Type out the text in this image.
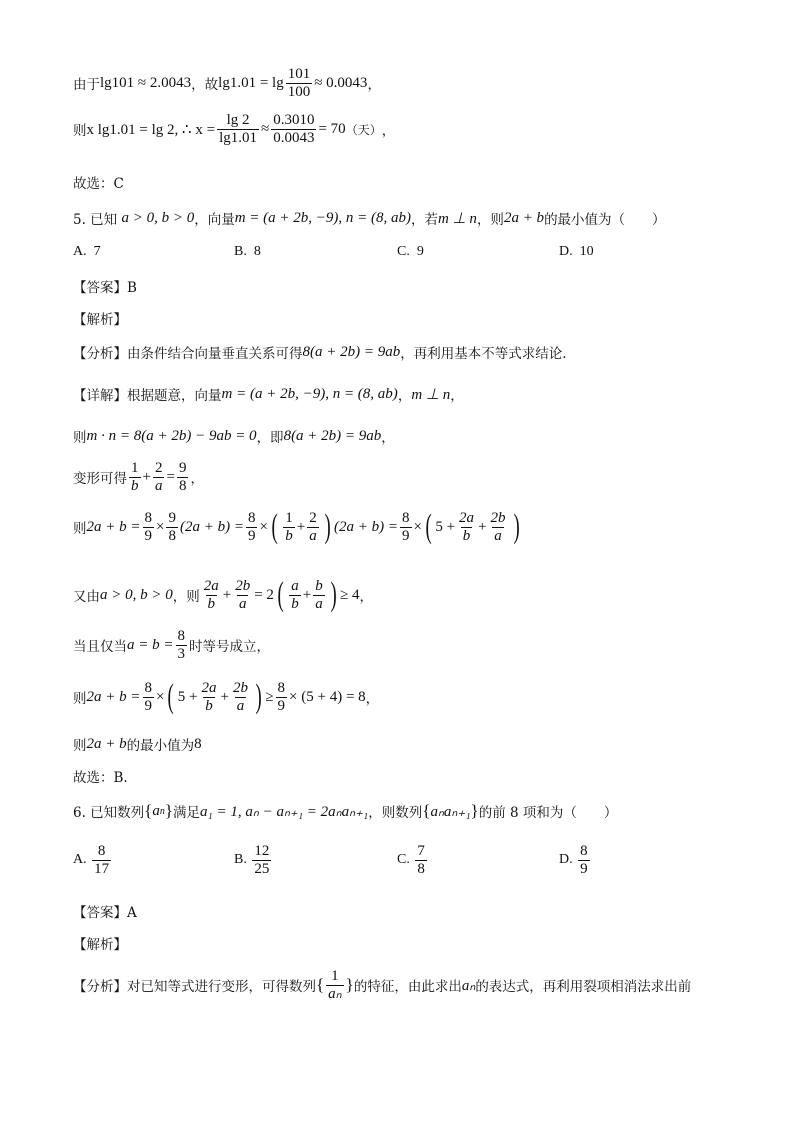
由于 lg101 ≈ 2.0043 ，故 $\lg 1.01 = \lg \frac{101}{100} \approx 0.0043$ ，
则 x lg1.01 = lg 2, ∴ $x = \frac{\lg 2}{\lg 1.01} \approx \frac{0.3010}{0.0043} = 70$ （天） ，
故选：C
5. 已知
a > 0, b > 0 ，向量 m = (a + 2b, −9), n = (8, ab) ，若 m ⊥ n ，则 2a + b 的最小值为（　　）
A.
7	B.
8	C.
9	D.
10
【答案】B
【解析】
【分析】 由条件结合向量垂直关系可得 8(a + 2b) = 9ab ，再利用基本不等式求结论.
【详解】 根据题意，向量 m = (a + 2b, −9), n = (8, ab) ， m ⊥ n ，
则 m · n = 8(a + 2b) − 9ab = 0 ，即 8(a + 2b) = 9ab ，
变形可得 $\frac{1}{b} + \frac{2}{a} = \frac{9}{8}$ ，
则 $2a + b = \frac{8}{9} \times \frac{9}{8} (2a + b) = \frac{8}{9}$ × ( $\frac{1}{b} + \frac{2}{a}$ ) $(2a + b) = \frac{8}{9}$ × ( $5 + \frac{2a}{b} + \frac{2b}{a}$ )
又由 a > 0, b > 0 ，则 $\frac{2a}{b} + \frac{2b}{a} = 2$ ( $\frac{a}{b} + \frac{b}{a}$ ) ≥ 4 ，
当且仅当 $a = b = \frac{8}{3}$ 时等号成立，
则 $2a + b = \frac{8}{9}$ × ( $5 + \frac{2a}{b} + \frac{2b}{a}$ ) ≥ $\frac{8}{9} \times (5 + 4) = 8$ ，
则 2a + b 的最小值为 8
故选：B.
6. 已知数列 { a n } 满足 a₁ = 1, aₙ − aₙ₊₁ = 2aₙaₙ₊₁ ，则数列 { aₙaₙ₊₁ } 的前 8 项和为（　　）
A.
$\frac{8}{17}$	B.
$\frac{12}{25}$	C.
$\frac{7}{8}$	D.
$\frac{8}{9}$
【答案】A
【解析】
【分析】 对已知等式进行变形，可得数列 { $\frac{1}{\text{aₙ}}$ } 的特征，由此求出 aₙ 的表达式，再利用裂项相消法求出前
